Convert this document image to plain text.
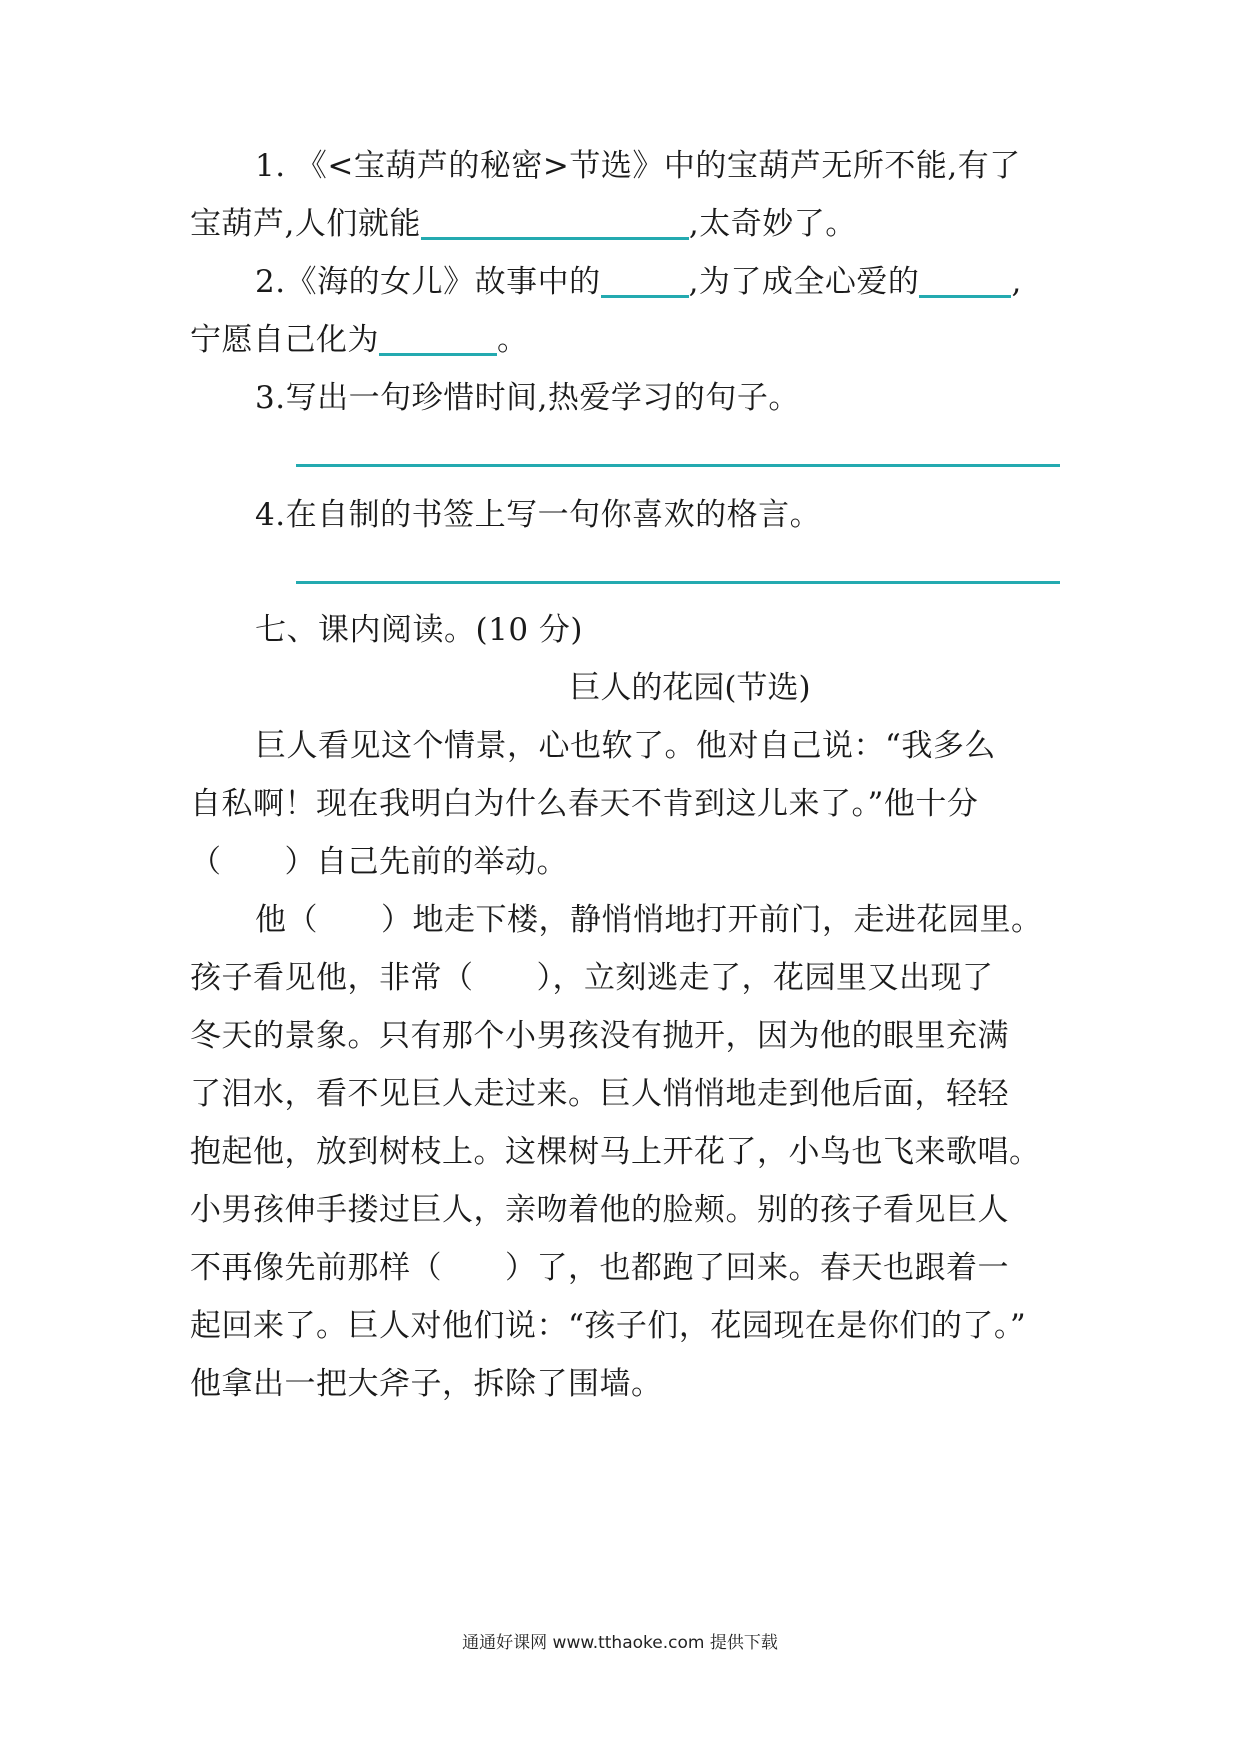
1. 《<宝葫芦的秘密>节选》中的宝葫芦无所不能,有了
宝葫芦,人们就能	,太奇妙了。
2.《海的女儿》故事中的	,为了成全心爱的	,
宁愿自己化为	。
3.写出一句珍惜时间,热爱学习的句子。
4.在自制的书签上写一句你喜欢的格言。
七、课内阅读。(10 分)
巨人的花园(节选)
巨人看见这个情景，心也软了。他对自己说：“我多么
自私啊！现在我明白为什么春天不肯到这儿来了。”他十分
（　　）自己先前的举动。
他（　　）地走下楼，静悄悄地打开前门，走进花园里。
孩子看见他，非常（　　），立刻逃走了，花园里又出现了
冬天的景象。只有那个小男孩没有抛开，因为他的眼里充满
了泪水，看不见巨人走过来。巨人悄悄地走到他后面，轻轻
抱起他，放到树枝上。这棵树马上开花了，小鸟也飞来歌唱。
小男孩伸手搂过巨人，亲吻着他的脸颊。别的孩子看见巨人
不再像先前那样（　　）了，也都跑了回来。春天也跟着一
起回来了。巨人对他们说：“孩子们，花园现在是你们的了。”
他拿出一把大斧子，拆除了围墙。
通通好课网 www.tthaoke.com 提供下载
